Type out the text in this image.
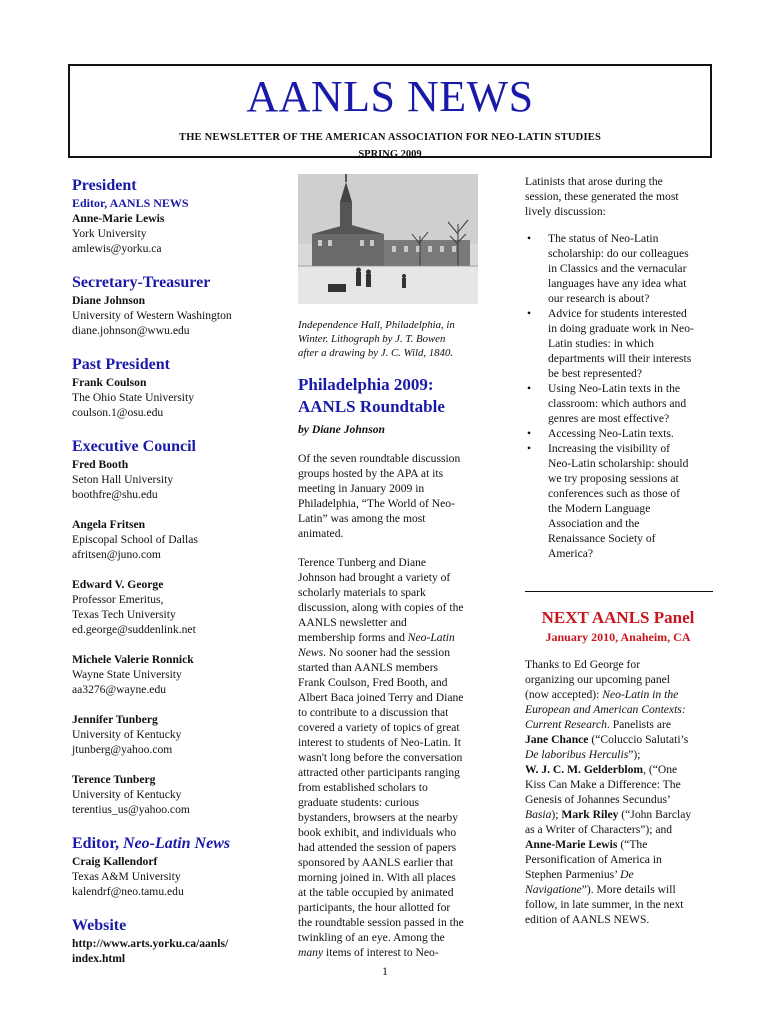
AANLS NEWS
THE NEWSLETTER OF THE AMERICAN ASSOCIATION FOR NEO-LATIN STUDIES
SPRING 2009
President
Editor, AANLS NEWS
Anne-Marie Lewis
York University
amlewis@yorku.ca
Secretary-Treasurer
Diane Johnson
University of Western Washington
diane.johnson@wwu.edu
Past President
Frank Coulson
The Ohio State University
coulson.1@osu.edu
Executive Council
Fred Booth
Seton Hall University
boothfre@shu.edu
Angela Fritsen
Episcopal School of Dallas
afritsen@juno.com
Edward V. George
Professor Emeritus,
Texas Tech University
ed.george@suddenlink.net
Michele Valerie Ronnick
Wayne State University
aa3276@wayne.edu
Jennifer Tunberg
University of Kentucky
jtunberg@yahoo.com
Terence Tunberg
University of Kentucky
terentius_us@yahoo.com
Editor, Neo-Latin News
Craig Kallendorf
Texas A&M University
kalendrf@neo.tamu.edu
Website
http://www.arts.yorku.ca/aanls/
index.html
Independence Hall, Philadelphia, in
Winter. Lithograph by J. T. Bowen
after a drawing by J. C. Wild, 1840.
Philadelphia 2009:
AANLS Roundtable
by Diane Johnson
Of the seven roundtable discussion
groups hosted by the APA at its
meeting in January 2009 in
Philadelphia, “The World of Neo-
Latin” was among the most
animated.
Terence Tunberg and Diane
Johnson had brought a variety of
scholarly materials to spark
discussion, along with copies of the
AANLS newsletter and
membership forms and Neo-Latin
News. No sooner had the session
started than AANLS members
Frank Coulson, Fred Booth, and
Albert Baca joined Terry and Diane
to contribute to a discussion that
covered a variety of topics of great
interest to students of Neo-Latin. It
wasn't long before the conversation
attracted other participants ranging
from established scholars to
graduate students: curious
bystanders, browsers at the nearby
book exhibit, and individuals who
had attended the session of papers
sponsored by AANLS earlier that
morning joined in. With all places
at the table occupied by animated
participants, the hour allotted for
the roundtable session passed in the
twinkling of an eye. Among the
many items of interest to Neo-
Latinists that arose during the
session, these generated the most
lively discussion:
• The status of Neo-Latin
scholarship: do our colleagues
in Classics and the vernacular
languages have any idea what
our research is about?
• Advice for students interested
in doing graduate work in Neo-
Latin studies: in which
departments will their interests
be best represented?
• Using Neo-Latin texts in the
classroom: which authors and
genres are most effective?
• Accessing Neo-Latin texts.
• Increasing the visibility of
Neo-Latin scholarship: should
we try proposing sessions at
conferences such as those of
the Modern Language
Association and the
Renaissance Society of
America?
NEXT AANLS Panel
January 2010, Anaheim, CA
Thanks to Ed George for
organizing our upcoming panel
(now accepted): Neo-Latin in the
European and American Contexts:
Current Research. Panelists are
Jane Chance (“Coluccio Salutati’s
De laboribus Herculis”);
W. J. C. M. Gelderblom, (“One
Kiss Can Make a Difference: The
Genesis of Johannes Secundus’
Basia); Mark Riley (“John Barclay
as a Writer of Characters”); and
Anne-Marie Lewis (“The
Personification of America in
Stephen Parmenius’ De
Navigatione”). More details will
follow, in late summer, in the next
edition of AANLS NEWS.
1
